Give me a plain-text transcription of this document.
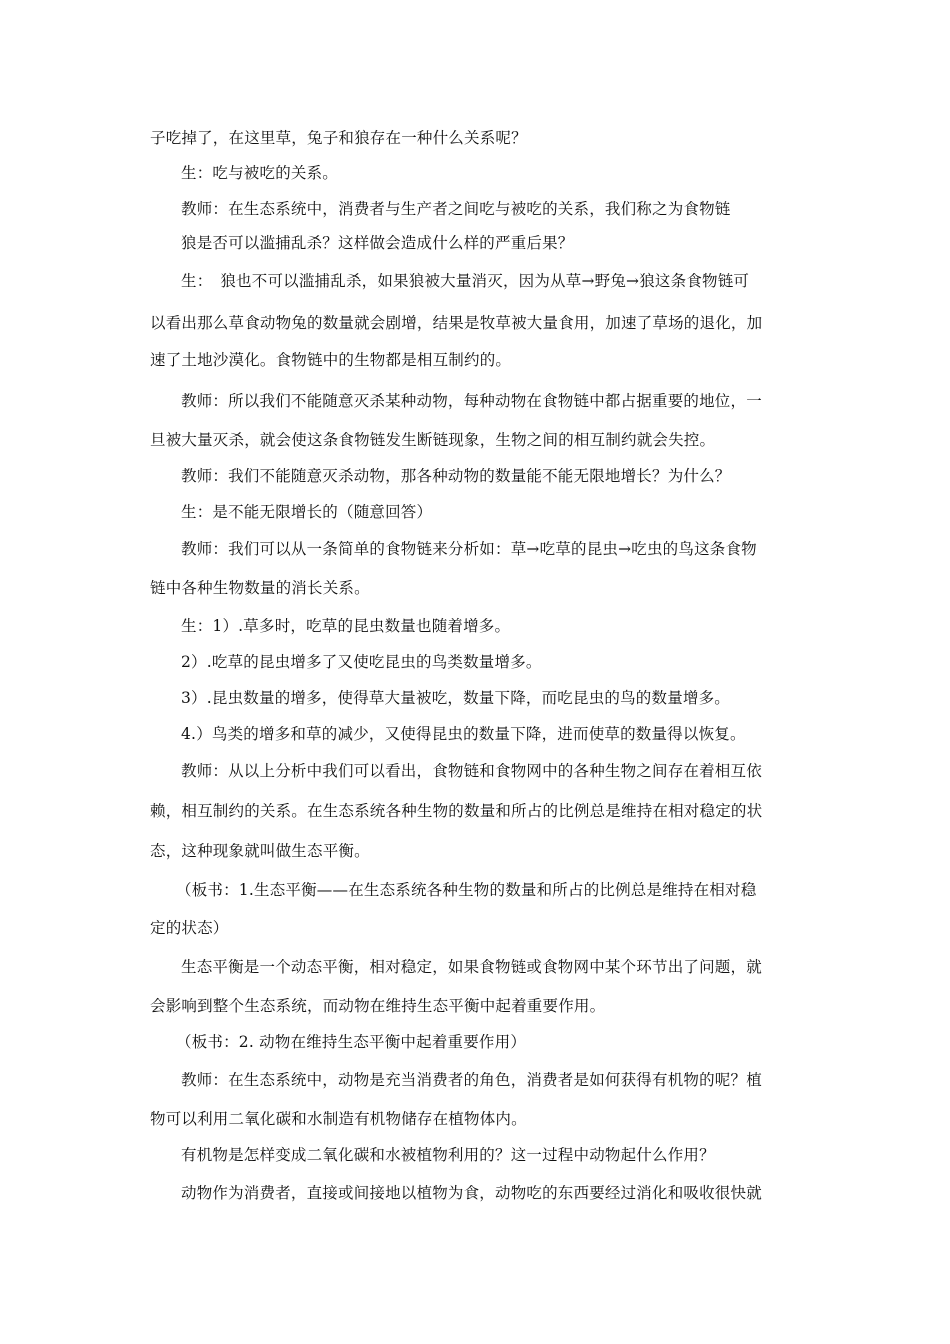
子吃掉了，在这里草，兔子和狼存在一种什么关系呢？
生：吃与被吃的关系。
教师：在生态系统中，消费者与生产者之间吃与被吃的关系，我们称之为食物链
狼是否可以滥捕乱杀？这样做会造成什么样的严重后果？
生：　狼也不可以滥捕乱杀，如果狼被大量消灭，因为从草→野兔→狼这条食物链可
以看出那么草食动物兔的数量就会剧增，结果是牧草被大量食用，加速了草场的退化，加
速了土地沙漠化。食物链中的生物都是相互制约的。
教师：所以我们不能随意灭杀某种动物，每种动物在食物链中都占据重要的地位，一
旦被大量灭杀，就会使这条食物链发生断链现象，生物之间的相互制约就会失控。
教师：我们不能随意灭杀动物，那各种动物的数量能不能无限地增长？为什么？
生：是不能无限增长的（随意回答）
教师：我们可以从一条简单的食物链来分析如：草→吃草的昆虫→吃虫的鸟这条食物
链中各种生物数量的消长关系。
生：1）.草多时，吃草的昆虫数量也随着增多。
2）.吃草的昆虫增多了又使吃昆虫的鸟类数量增多。
3）.昆虫数量的增多，使得草大量被吃，数量下降，而吃昆虫的鸟的数量增多。
4.）鸟类的增多和草的减少，又使得昆虫的数量下降，进而使草的数量得以恢复。
教师：从以上分析中我们可以看出，食物链和食物网中的各种生物之间存在着相互依
赖，相互制约的关系。在生态系统各种生物的数量和所占的比例总是维持在相对稳定的状
态，这种现象就叫做生态平衡。
（板书：1.生态平衡——在生态系统各种生物的数量和所占的比例总是维持在相对稳
定的状态）
生态平衡是一个动态平衡，相对稳定，如果食物链或食物网中某个环节出了问题，就
会影响到整个生态系统，而动物在维持生态平衡中起着重要作用。
（板书：2. 动物在维持生态平衡中起着重要作用）
教师：在生态系统中，动物是充当消费者的角色，消费者是如何获得有机物的呢？植
物可以利用二氧化碳和水制造有机物储存在植物体内。
有机物是怎样变成二氧化碳和水被植物利用的？这一过程中动物起什么作用？
动物作为消费者，直接或间接地以植物为食，动物吃的东西要经过消化和吸收很快就
